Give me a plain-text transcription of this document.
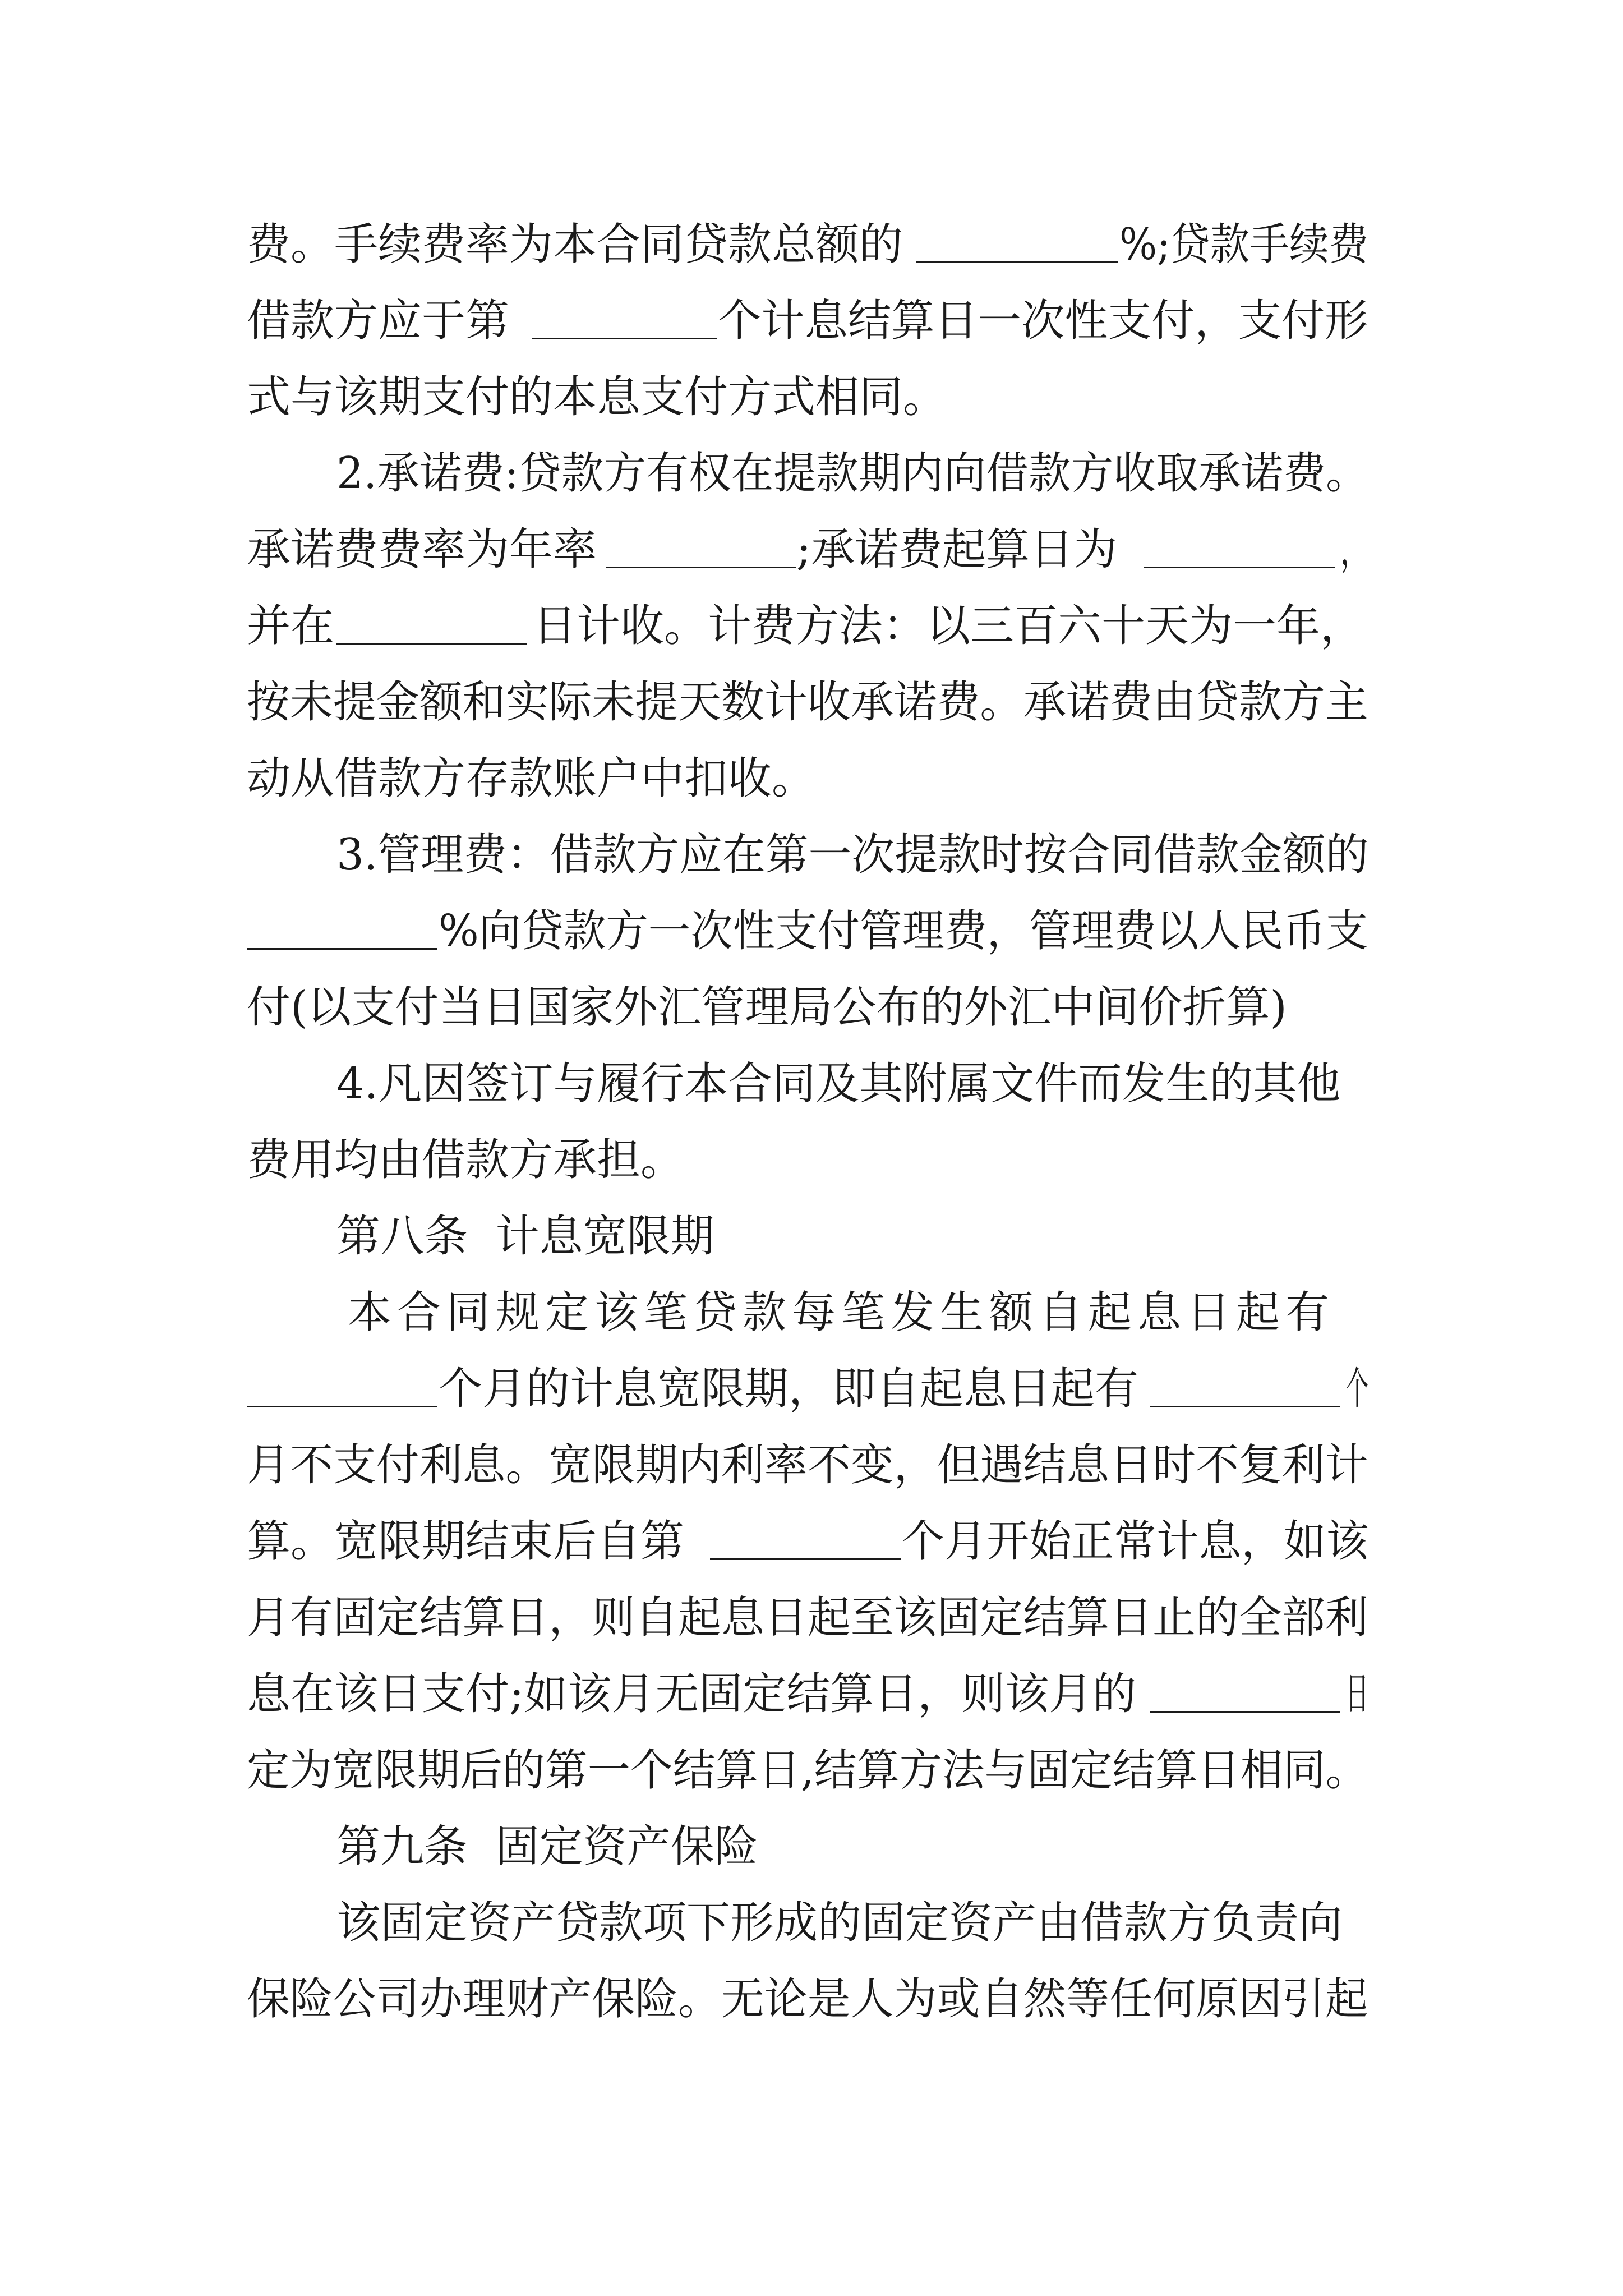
费。手续费率为本合同贷款总额的	%;贷款手续费
借款方应于第	个计息结算日一次性支付，支付形
式与该期支付的本息支付方式相同。
2.承诺费:贷款方有权在提款期内向借款方收取承诺费。
承诺费费率为年率	;承诺费起算日为	，
并在	日计收。计费方法：以三百六十天为一年，
按未提金额和实际未提天数计收承诺费。承诺费由贷款方主
动从借款方存款账户中扣收。
3.管理费：借款方应在第一次提款时按合同借款金额的
%向贷款方一次性支付管理费，管理费以人民币支
付(以支付当日国家外汇管理局公布的外汇中间价折算)
4.凡因签订与履行本合同及其附属文件而发生的其他
费用均由借款方承担。
第八条  计息宽限期
本合同规定该笔贷款每笔发生额自起息日起有
个月的计息宽限期，即自起息日起有	个
月不支付利息。宽限期内利率不变，但遇结息日时不复利计
算。宽限期结束后自第	个月开始正常计息，如该
月有固定结算日，则自起息日起至该固定结算日止的全部利
息在该日支付;如该月无固定结算日，则该月的	日
定为宽限期后的第一个结算日,结算方法与固定结算日相同。
第九条  固定资产保险
该固定资产贷款项下形成的固定资产由借款方负责向
保险公司办理财产保险。无论是人为或自然等任何原因引起
